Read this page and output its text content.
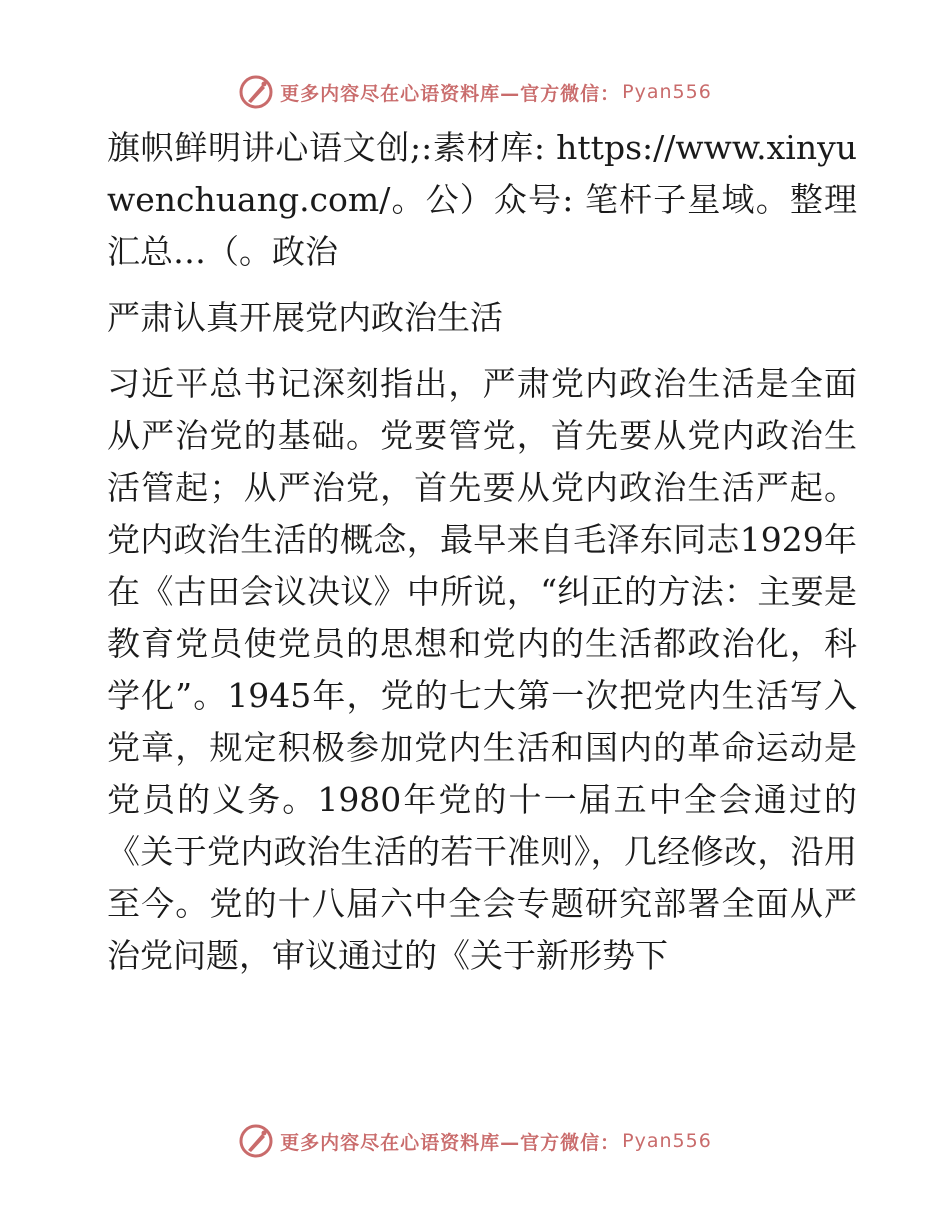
更多内容尽在心语资料库—官方微信： Pyan556

旗帜鲜明讲心语文创;:素材库: https://www.xinyuwenchuang.com/。公）众号: 笔杆子星域。整理汇总…（。政治

严肃认真开展党内政治生活

习近平总书记深刻指出，严肃党内政治生活是全面从严治党的基础。党要管党，首先要从党内政治生活管起；从严治党，首先要从党内政治生活严起。党内政治生活的概念，最早来自毛泽东同志1929年在《古田会议决议》中所说，“纠正的方法：主要是教育党员使党员的思想和党内的生活都政治化，科学化”。1945年，党的七大第一次把党内生活写入党章，规定积极参加党内生活和国内的革命运动是党员的义务。1980年党的十一届五中全会通过的《关于党内政治生活的若干准则》，几经修改，沿用至今。党的十八届六中全会专题研究部署全面从严治党问题，审议通过的《关于新形势下

更多内容尽在心语资料库—官方微信： Pyan556
